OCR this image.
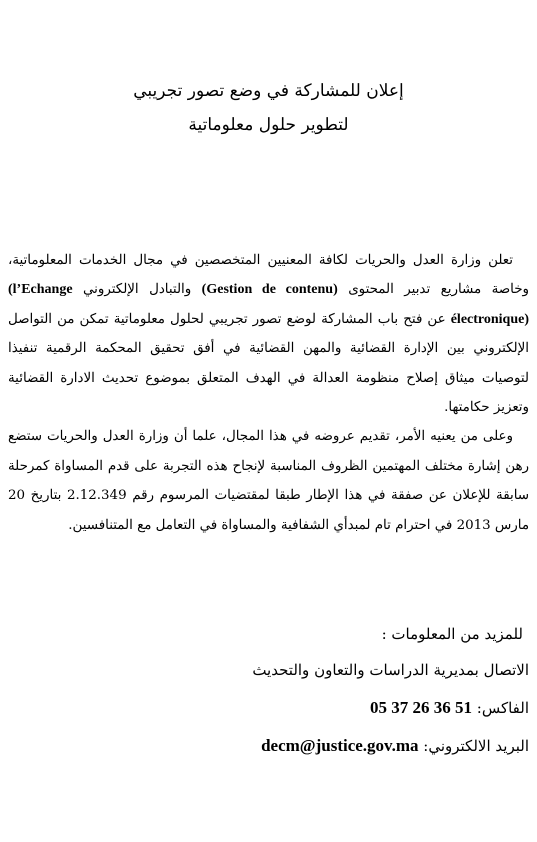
إعلان للمشاركة في وضع تصور تجريبي
لتطوير حلول معلوماتية

تعلن وزارة العدل والحريات لكافة المعنيين المتخصصين في مجال الخدمات المعلوماتية، وخاصة مشاريع تدبير المحتوى (Gestion de contenu) والتبادل الإلكتروني (l’Echange électronique) عن فتح باب المشاركة لوضع تصور تجريبي لحلول معلوماتية تمكن من التواصل الإلكتروني بين الإدارة القضائية والمهن القضائية في أفق تحقيق المحكمة الرقمية تنفيذا لتوصيات ميثاق إصلاح منظومة العدالة في الهدف المتعلق بموضوع تحديث الادارة القضائية وتعزيز حكامتها.

وعلى من يعنيه الأمر، تقديم عروضه في هذا المجال، علما أن وزارة العدل والحريات ستضع رهن إشارة مختلف المهتمين الظروف المناسبة لإنجاح هذه التجربة على قدم المساواة كمرحلة سابقة للإعلان عن صفقة في هذا الإطار طبقا لمقتضيات المرسوم رقم 2.12.349 بتاريخ 20 مارس 2013 في احترام تام لمبدأي الشفافية والمساواة في التعامل مع المتنافسين.

للمزيد من المعلومات :
الاتصال بمديرية الدراسات والتعاون والتحديث
الفاكس: 05 37 26 36 51
البريد الالكتروني: decm@justice.gov.ma
